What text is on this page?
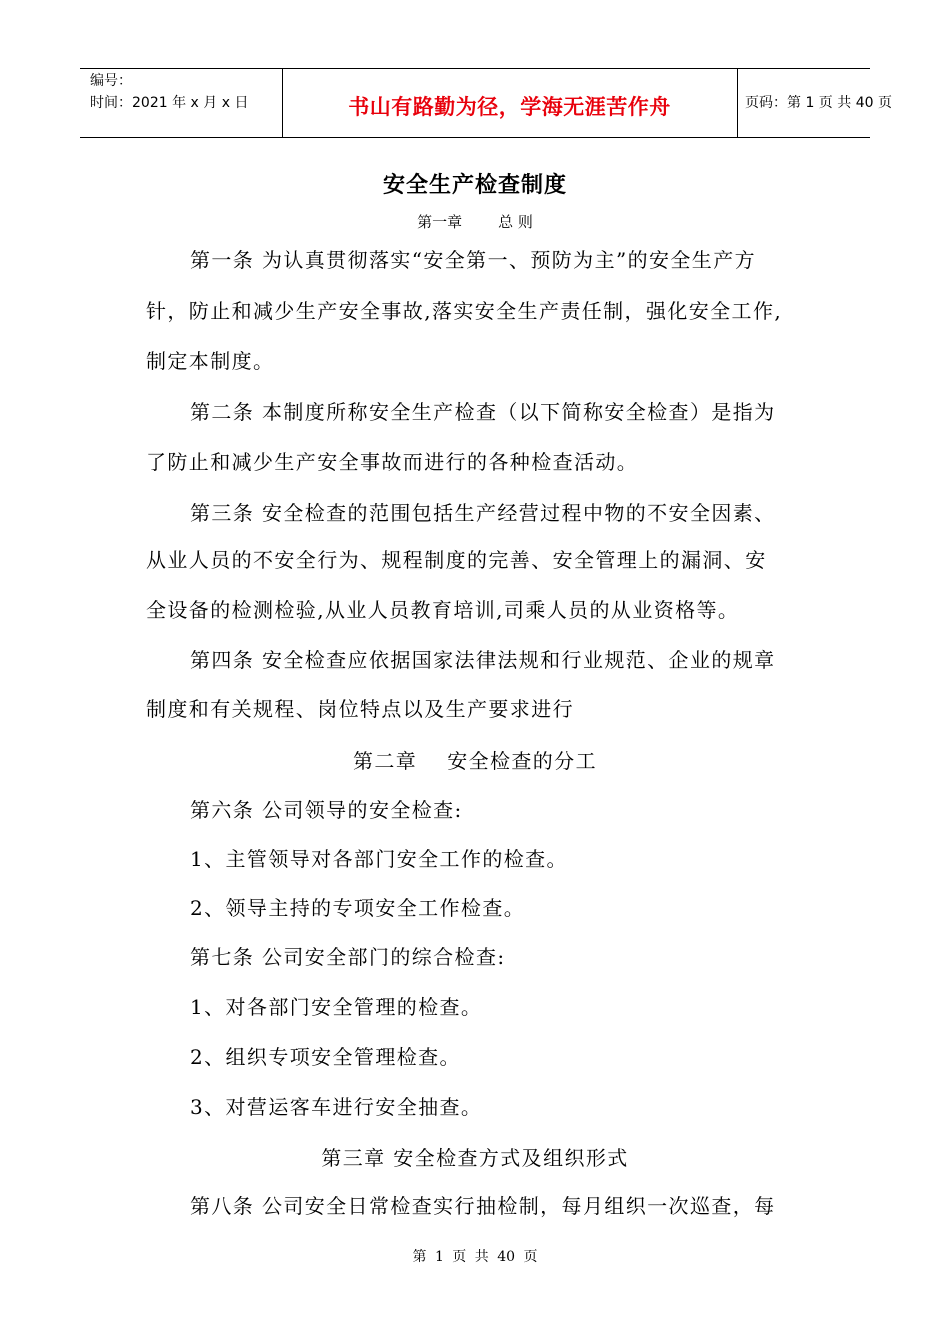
编号：
时间：2021 年 x 月 x 日	书山有路勤为径，学海无涯苦作舟	页码：第 1 页 共 40 页
安全生产检查制度
第一章 总 则
第一条 为认真贯彻落实“安全第一、预防为主”的安全生产方
针，防止和减少生产安全事故,落实安全生产责任制，强化安全工作,
制定本制度。
第二条 本制度所称安全生产检查（以下简称安全检查）是指为
了防止和减少生产安全事故而进行的各种检查活动。
第三条 安全检查的范围包括生产经营过程中物的不安全因素、
从业人员的不安全行为、规程制度的完善、安全管理上的漏洞、安
全设备的检测检验,从业人员教育培训,司乘人员的从业资格等。
第四条 安全检查应依据国家法律法规和行业规范、企业的规章
制度和有关规程、岗位特点以及生产要求进行
第二章 安全检查的分工
第六条 公司领导的安全检查:
1、主管领导对各部门安全工作的检查。
2、领导主持的专项安全工作检查。
第七条 公司安全部门的综合检查:
1、对各部门安全管理的检查。
2、组织专项安全管理检查。
3、对营运客车进行安全抽查。
第三章 安全检查方式及组织形式
第八条 公司安全日常检查实行抽检制，每月组织一次巡查，每
第 1 页 共 40 页
